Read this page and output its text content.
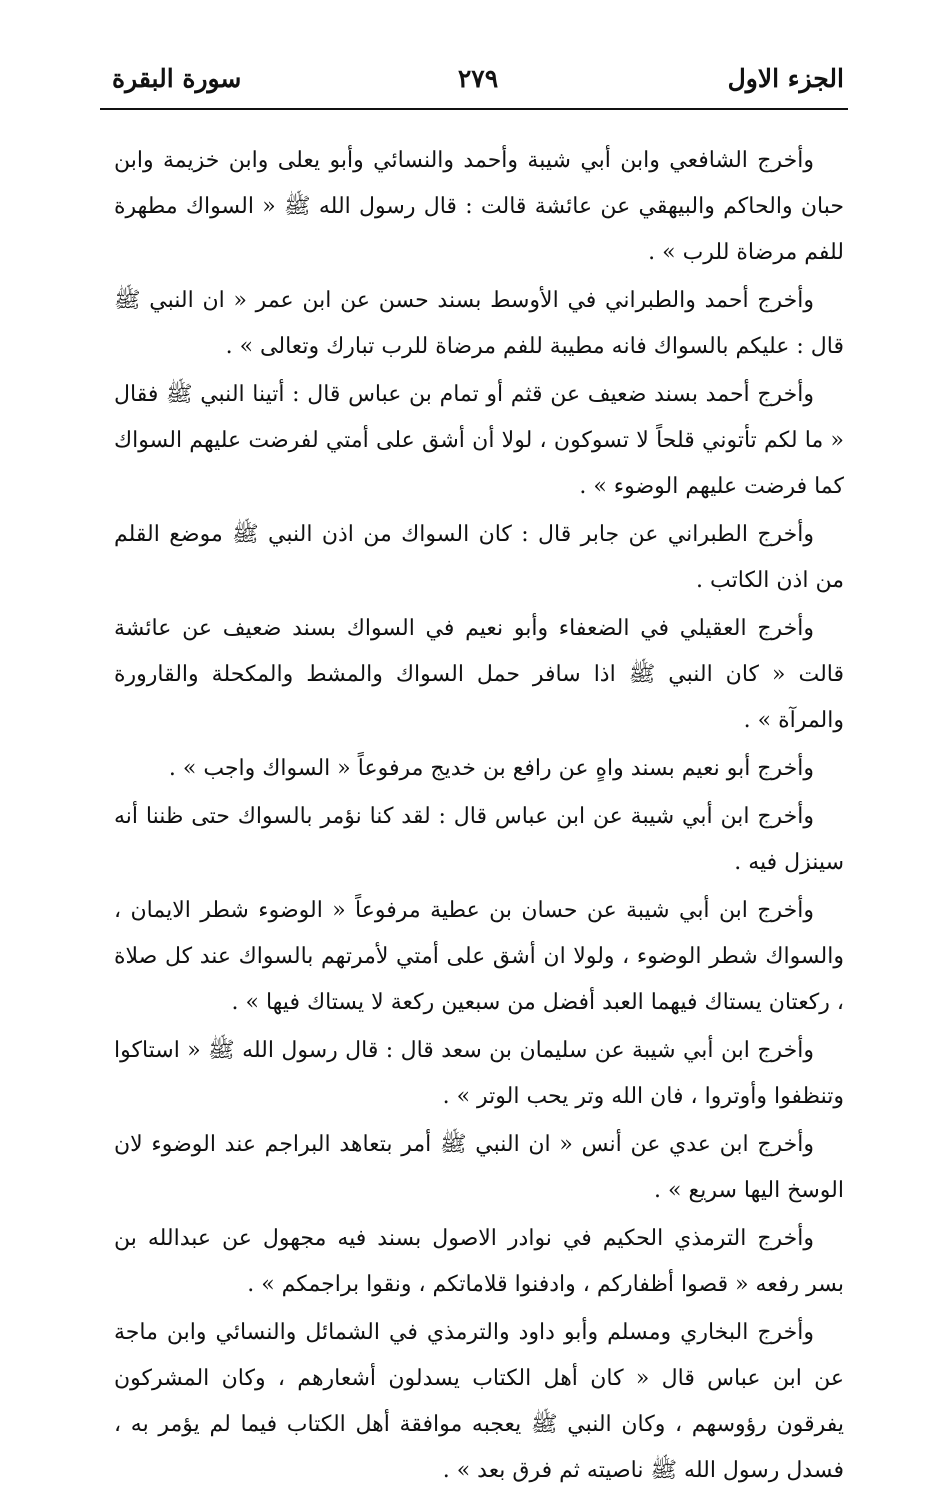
الجزء الاول
٢٧٩
سورة البقرة

وأخرج الشافعي وابن أبي شيبة وأحمد والنسائي وأبو يعلى وابن خزيمة وابن حبان والحاكم والبيهقي عن عائشة قالت : قال رسول الله ﷺ « السواك مطهرة للفم مرضاة للرب » .

وأخرج أحمد والطبراني في الأوسط بسند حسن عن ابن عمر « ان النبي ﷺ قال : عليكم بالسواك فانه مطيبة للفم مرضاة للرب تبارك وتعالى » .

وأخرج أحمد بسند ضعيف عن قثم أو تمام بن عباس قال : أتينا النبي ﷺ فقال « ما لكم تأتوني قلحاً لا تسوكون ، لولا أن أشق على أمتي لفرضت عليهم السواك كما فرضت عليهم الوضوء » .

وأخرج الطبراني عن جابر قال : كان السواك من اذن النبي ﷺ موضع القلم من اذن الكاتب .

وأخرج العقيلي في الضعفاء وأبو نعيم في السواك بسند ضعيف عن عائشة قالت « كان النبي ﷺ اذا سافر حمل السواك والمشط والمكحلة والقارورة والمرآة » .

وأخرج أبو نعيم بسند واهٍ عن رافع بن خديج مرفوعاً « السواك واجب » .

وأخرج ابن أبي شيبة عن ابن عباس قال : لقد كنا نؤمر بالسواك حتى ظننا أنه سينزل فيه .

وأخرج ابن أبي شيبة عن حسان بن عطية مرفوعاً « الوضوء شطر الايمان ، والسواك شطر الوضوء ، ولولا ان أشق على أمتي لأمرتهم بالسواك عند كل صلاة ، ركعتان يستاك فيهما العبد أفضل من سبعين ركعة لا يستاك فيها » .

وأخرج ابن أبي شيبة عن سليمان بن سعد قال : قال رسول الله ﷺ « استاكوا وتنظفوا وأوتروا ، فان الله وتر يحب الوتر » .

وأخرج ابن عدي عن أنس « ان النبي ﷺ أمر بتعاهد البراجم عند الوضوء لان الوسخ اليها سريع » .

وأخرج الترمذي الحكيم في نوادر الاصول بسند فيه مجهول عن عبدالله بن بسر رفعه « قصوا أظفاركم ، وادفنوا قلاماتكم ، ونقوا براجمكم » .

وأخرج البخاري ومسلم وأبو داود والترمذي في الشمائل والنسائي وابن ماجة عن ابن عباس قال « كان أهل الكتاب يسدلون أشعارهم ، وكان المشركون يفرقون رؤوسهم ، وكان النبي ﷺ يعجبه موافقة أهل الكتاب فيما لم يؤمر به ، فسدل رسول الله ﷺ ناصيته ثم فرق بعد » .
